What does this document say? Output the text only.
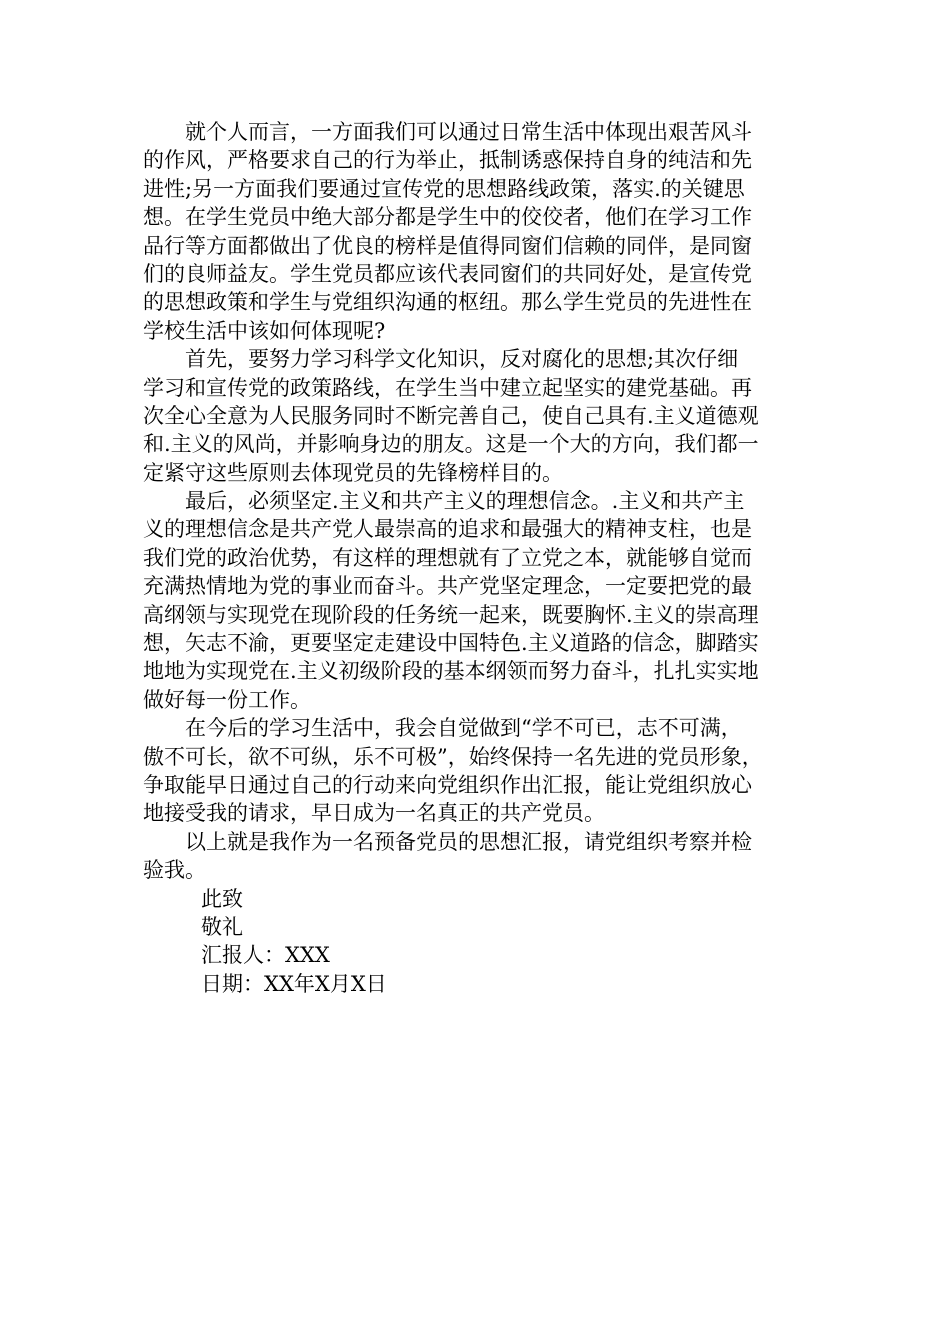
　　就个人而言，一方面我们可以通过日常生活中体现出艰苦风斗
的作风，严格要求自己的行为举止，抵制诱惑保持自身的纯洁和先
进性;另一方面我们要通过宣传党的思想路线政策，落实.的关键思
想。在学生党员中绝大部分都是学生中的佼佼者，他们在学习工作
品行等方面都做出了优良的榜样是值得同窗们信赖的同伴，是同窗
们的良师益友。学生党员都应该代表同窗们的共同好处，是宣传党
的思想政策和学生与党组织沟通的枢纽。那么学生党员的先进性在
学校生活中该如何体现呢?
　　首先，要努力学习科学文化知识，反对腐化的思想;其次仔细
学习和宣传党的政策路线，在学生当中建立起坚实的建党基础。再
次全心全意为人民服务同时不断完善自己，使自己具有.主义道德观
和.主义的风尚，并影响身边的朋友。这是一个大的方向，我们都一
定紧守这些原则去体现党员的先锋榜样目的。
　　最后，必须坚定.主义和共产主义的理想信念。.主义和共产主
义的理想信念是共产党人最崇高的追求和最强大的精神支柱，也是
我们党的政治优势，有这样的理想就有了立党之本，就能够自觉而
充满热情地为党的事业而奋斗。共产党坚定理念，一定要把党的最
高纲领与实现党在现阶段的任务统一起来，既要胸怀.主义的崇高理
想，矢志不渝，更要坚定走建设中国特色.主义道路的信念，脚踏实
地地为实现党在.主义初级阶段的基本纲领而努力奋斗，扎扎实实地
做好每一份工作。
　　在今后的学习生活中，我会自觉做到“学不可已，志不可满，
傲不可长，欲不可纵，乐不可极”，始终保持一名先进的党员形象，
争取能早日通过自己的行动来向党组织作出汇报，能让党组织放心
地接受我的请求，早日成为一名真正的共产党员。
　　以上就是我作为一名预备党员的思想汇报，请党组织考察并检
验我。
此致
敬礼
汇报人：XXX
日期：XX年X月X日
